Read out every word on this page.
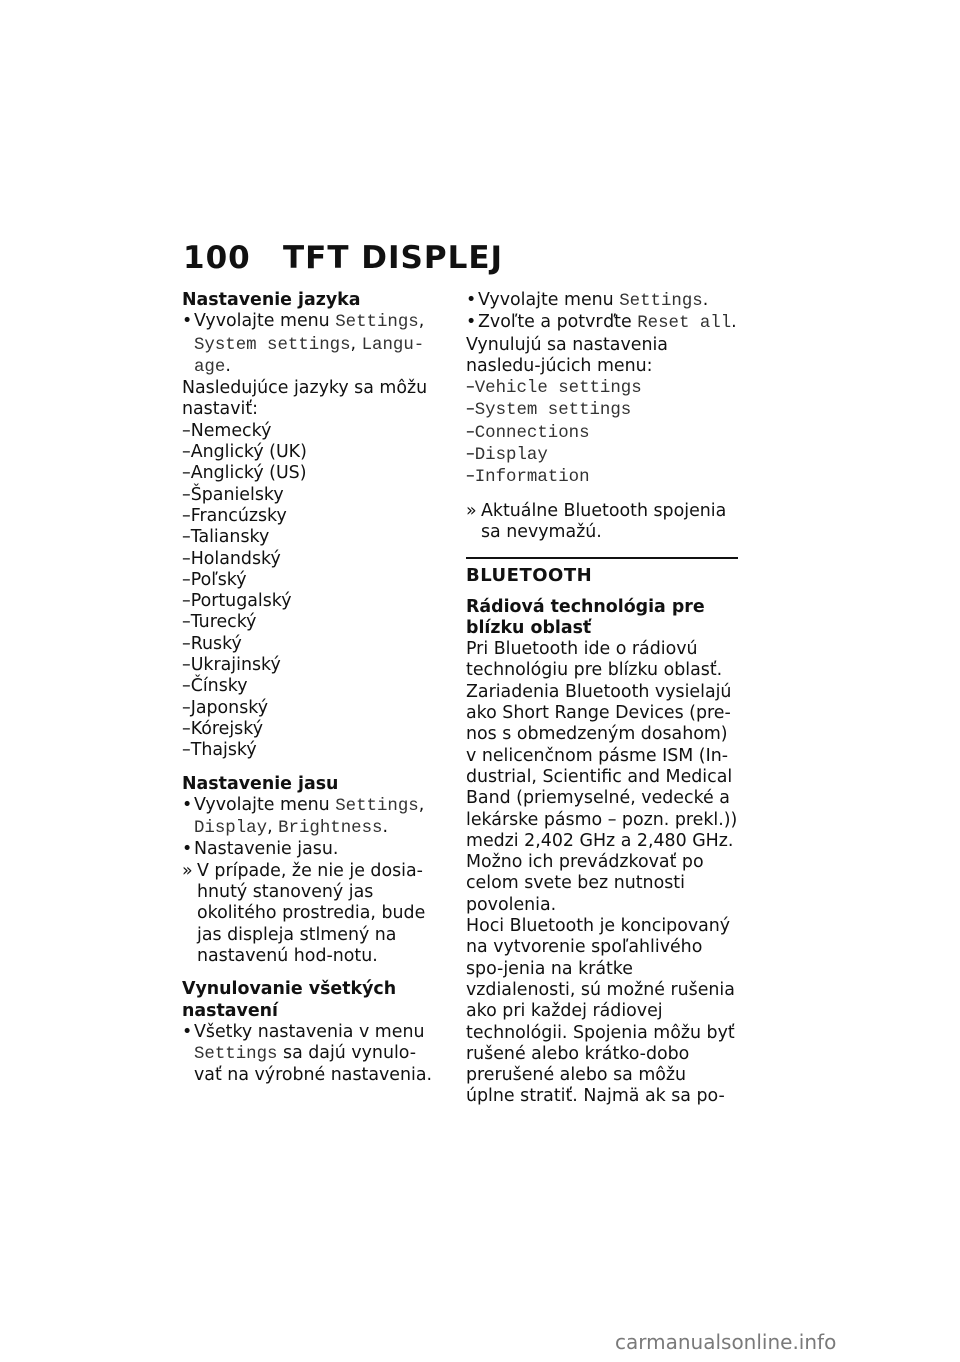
100 TFT DISPLEJ

Nastavenie jazyka

• Vyvolajte menu Settings, System settings, Langu-age.

Nasledujúce jazyky sa môžu nastaviť:

– Nemecký
– Anglický (UK)
– Anglický (US)
– Španielsky
– Francúzsky
– Taliansky
– Holandský
– Poľský
– Portugalský
– Turecký
– Ruský
– Ukrajinský
– Čínsky
– Japonský
– Kórejský
– Thajský

Nastavenie jasu

• Vyvolajte menu Settings, Display, Brightness.

• Nastavenie jasu.

» V prípade, že nie je dosia-hnutý stanovený jas okolitého prostredia, bude jas displeja stlmený na nastavenú hod-notu.

Vynulovanie všetkých nastavení

• Všetky nastavenia v menu Settings sa dajú vynulo-vať na výrobné nastavenia.

• Vyvolajte menu Settings.

• Zvoľte a potvrďte Reset all.

Vynulujú sa nastavenia nasledu-júcich menu:

– Vehicle settings
– System settings
– Connections
– Display
– Information

» Aktuálne Bluetooth spojenia sa nevymažú.

BLUETOOTH

Rádiová technológia pre blízku oblasť

Pri Bluetooth ide o rádiovú technológiu pre blízku oblasť. Zariadenia Bluetooth vysielajú ako Short Range Devices (pre-nos s obmedzeným dosahom) v nelicenčnom pásme ISM (In-dustrial, Scientific and Medical Band (priemyselné, vedecké a lekárske pásmo – pozn. prekl.)) medzi 2,402 GHz a 2,480 GHz. Možno ich prevádzkovať po celom svete bez nutnosti povolenia.

Hoci Bluetooth je koncipovaný na vytvorenie spoľahlivého spo-jenia na krátke vzdialenosti, sú možné rušenia ako pri každej rádiovej technológii. Spojenia môžu byť rušené alebo krátko-dobo prerušené alebo sa môžu úplne stratiť. Najmä ak sa po-

carmanualsonline.info
